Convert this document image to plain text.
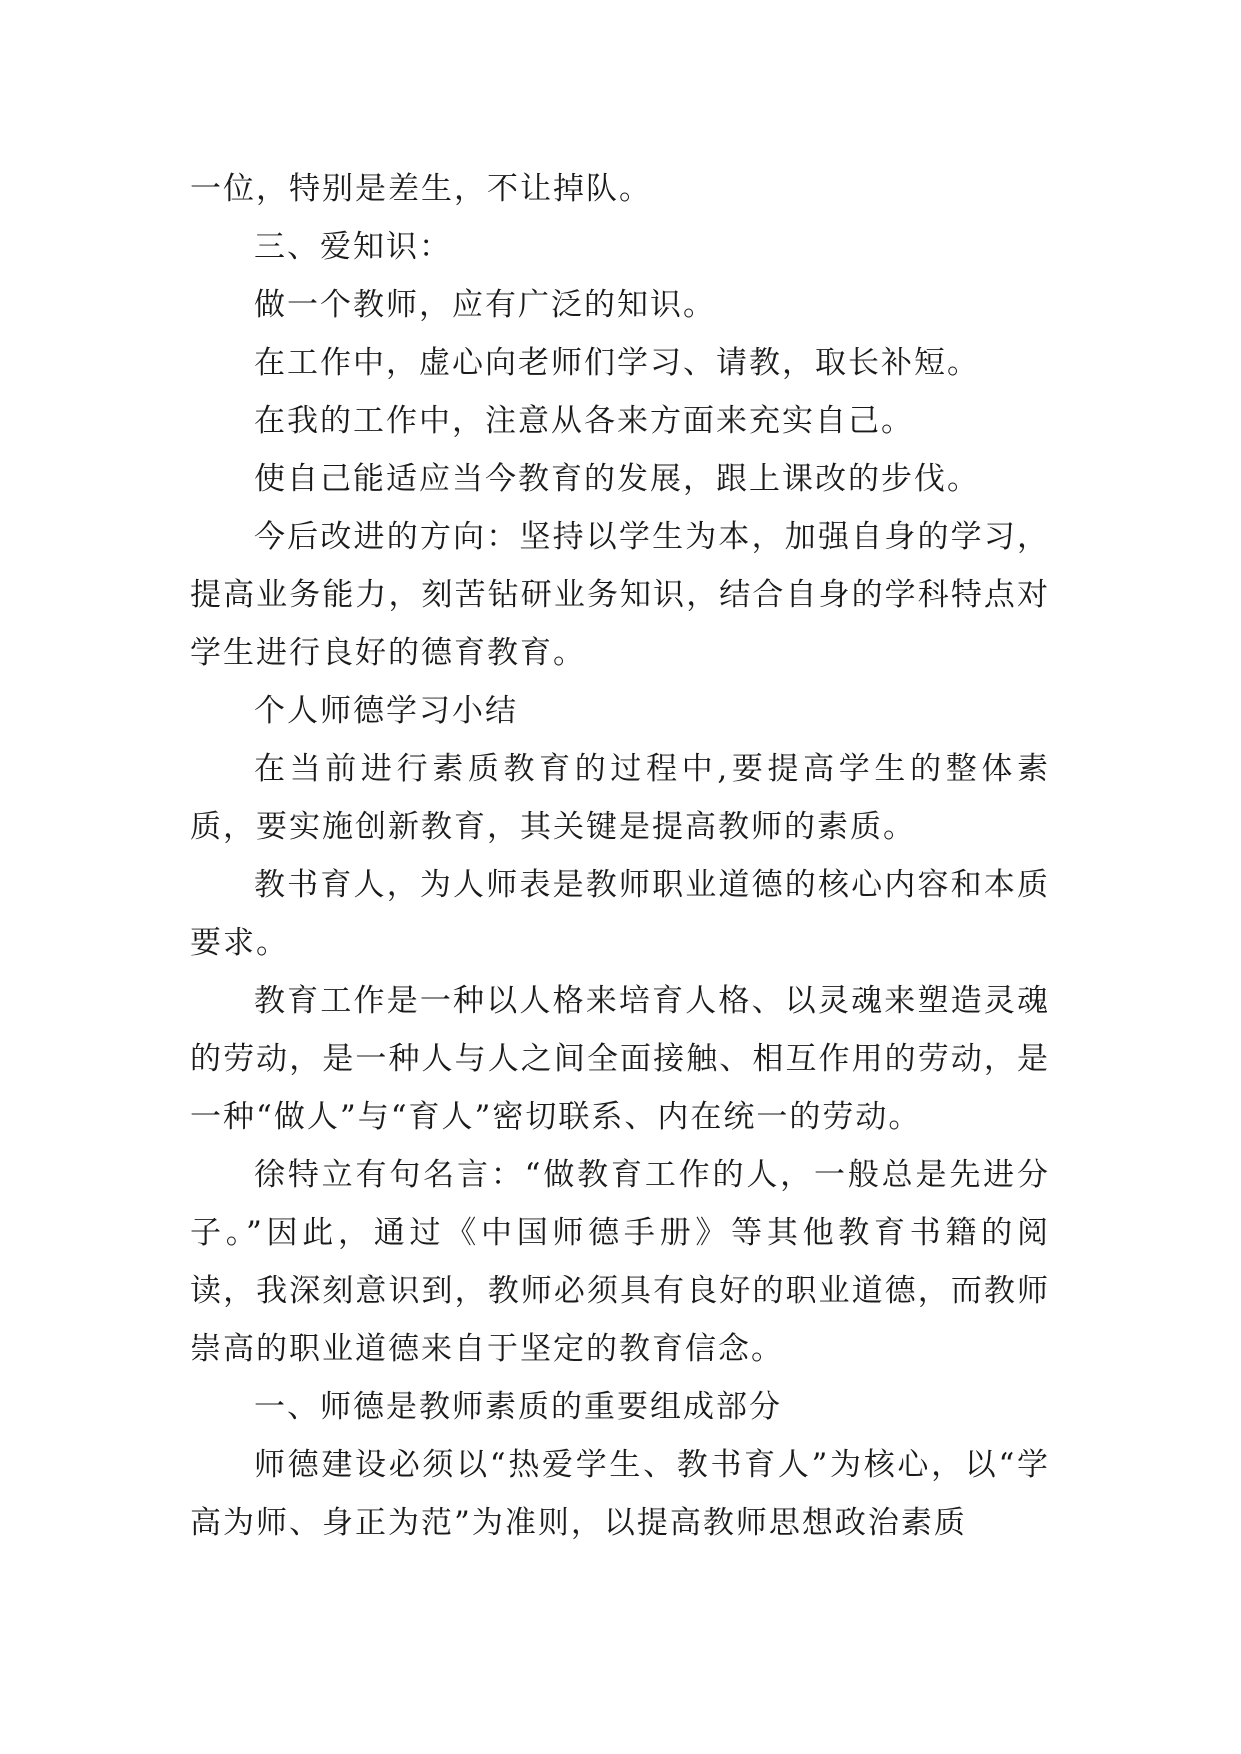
一位，特别是差生，不让掉队。

三、爱知识：

做一个教师，应有广泛的知识。

在工作中，虚心向老师们学习、请教，取长补短。

在我的工作中，注意从各来方面来充实自己。

使自己能适应当今教育的发展，跟上课改的步伐。

今后改进的方向：坚持以学生为本，加强自身的学习，提高业务能力，刻苦钻研业务知识，结合自身的学科特点对学生进行良好的德育教育。

个人师德学习小结

在当前进行素质教育的过程中,要提高学生的整体素质，要实施创新教育，其关键是提高教师的素质。

教书育人，为人师表是教师职业道德的核心内容和本质要求。

教育工作是一种以人格来培育人格、以灵魂来塑造灵魂的劳动，是一种人与人之间全面接触、相互作用的劳动，是一种“做人”与“育人”密切联系、内在统一的劳动。

徐特立有句名言：“做教育工作的人，一般总是先进分子。”因此，通过《中国师德手册》等其他教育书籍的阅读，我深刻意识到，教师必须具有良好的职业道德，而教师崇高的职业道德来自于坚定的教育信念。

一、师德是教师素质的重要组成部分

师德建设必须以“热爱学生、教书育人”为核心，以“学高为师、身正为范”为准则，以提高教师思想政治素质
